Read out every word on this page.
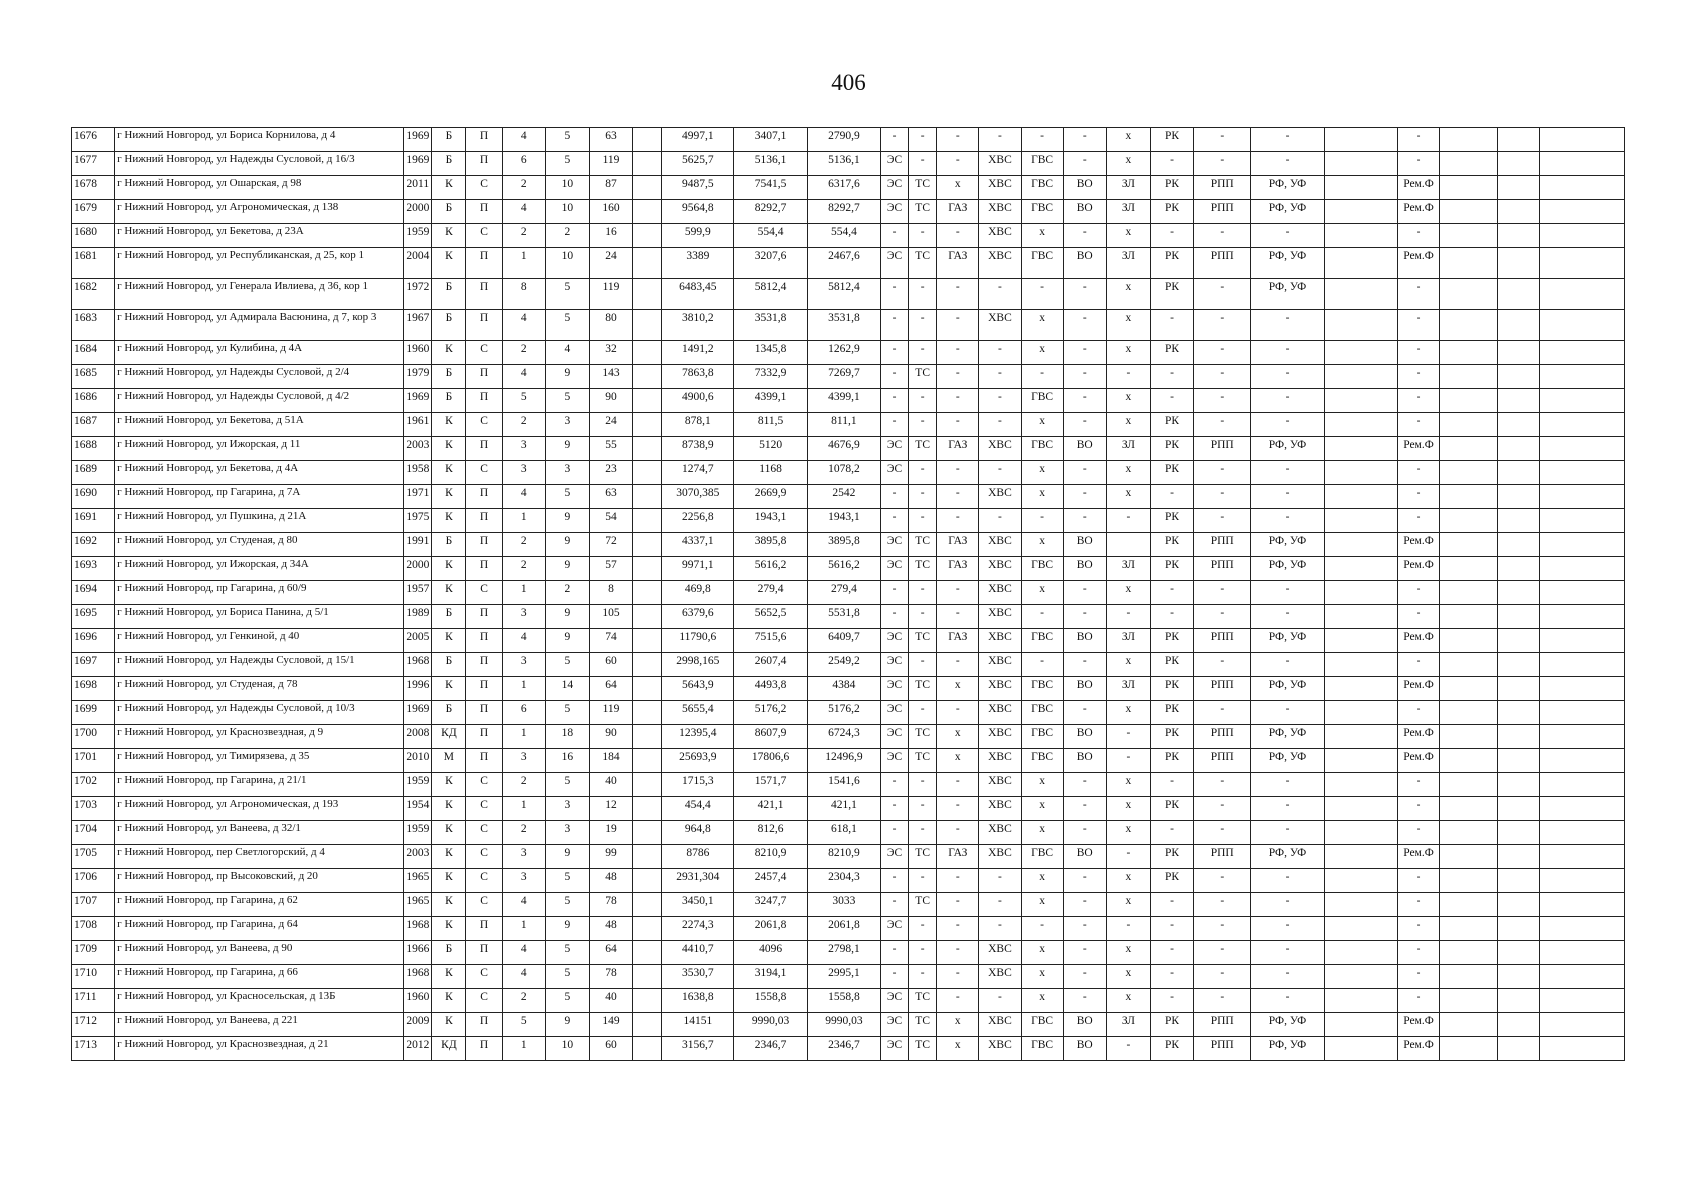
406
1676	г Нижний Новгород, ул Бориса Корнилова, д 4	1969	Б	П	4	5	63		4997,1	3407,1	2790,9	-	-	-	-	-	-	х	РК	-	-		-			
1677	г Нижний Новгород, ул Надежды Сусловой, д 16/3	1969	Б	П	6	5	119		5625,7	5136,1	5136,1	ЭС	-	-	ХВС	ГВС	-	х	-	-	-		-			
1678	г Нижний Новгород, ул Ошарская, д 98	2011	К	С	2	10	87		9487,5	7541,5	6317,6	ЭС	ТС	х	ХВС	ГВС	ВО	ЗЛ	РК	РПП	РФ, УФ		Рем.Ф			
1679	г Нижний Новгород, ул Агрономическая, д 138	2000	Б	П	4	10	160		9564,8	8292,7	8292,7	ЭС	ТС	ГАЗ	ХВС	ГВС	ВО	ЗЛ	РК	РПП	РФ, УФ		Рем.Ф			
1680	г Нижний Новгород, ул Бекетова, д 23А	1959	К	С	2	2	16		599,9	554,4	554,4	-	-	-	ХВС	х	-	х	-	-	-		-			
1681	г Нижний Новгород, ул Республиканская, д 25, кор 1	2004	К	П	1	10	24		3389	3207,6	2467,6	ЭС	ТС	ГАЗ	ХВС	ГВС	ВО	ЗЛ	РК	РПП	РФ, УФ		Рем.Ф			
1682	г Нижний Новгород, ул Генерала Ивлиева, д 36, кор 1	1972	Б	П	8	5	119		6483,45	5812,4	5812,4	-	-	-	-	-	-	х	РК	-	РФ, УФ		-			
1683	г Нижний Новгород, ул Адмирала Васюнина, д 7, кор 3	1967	Б	П	4	5	80		3810,2	3531,8	3531,8	-	-	-	ХВС	х	-	х	-	-	-		-			
1684	г Нижний Новгород, ул Кулибина, д 4А	1960	К	С	2	4	32		1491,2	1345,8	1262,9	-	-	-	-	х	-	х	РК	-	-		-			
1685	г Нижний Новгород, ул Надежды Сусловой, д 2/4	1979	Б	П	4	9	143		7863,8	7332,9	7269,7	-	ТС	-	-	-	-	-	-	-	-		-			
1686	г Нижний Новгород, ул Надежды Сусловой, д 4/2	1969	Б	П	5	5	90		4900,6	4399,1	4399,1	-	-	-	-	ГВС	-	х	-	-	-		-			
1687	г Нижний Новгород, ул Бекетова, д 51А	1961	К	С	2	3	24		878,1	811,5	811,1	-	-	-	-	х	-	х	РК	-	-		-			
1688	г Нижний Новгород, ул Ижорская, д 11	2003	К	П	3	9	55		8738,9	5120	4676,9	ЭС	ТС	ГАЗ	ХВС	ГВС	ВО	ЗЛ	РК	РПП	РФ, УФ		Рем.Ф			
1689	г Нижний Новгород, ул Бекетова, д 4А	1958	К	С	3	3	23		1274,7	1168	1078,2	ЭС	-	-	-	х	-	х	РК	-	-		-			
1690	г Нижний Новгород, пр Гагарина, д 7А	1971	К	П	4	5	63		3070,385	2669,9	2542	-	-	-	ХВС	х	-	х	-	-	-		-			
1691	г Нижний Новгород, ул Пушкина, д 21А	1975	К	П	1	9	54		2256,8	1943,1	1943,1	-	-	-	-	-	-	-	РК	-	-		-			
1692	г Нижний Новгород, ул Студеная, д 80	1991	Б	П	2	9	72		4337,1	3895,8	3895,8	ЭС	ТС	ГАЗ	ХВС	х	ВО		РК	РПП	РФ, УФ		Рем.Ф			
1693	г Нижний Новгород, ул Ижорская, д 34А	2000	К	П	2	9	57		9971,1	5616,2	5616,2	ЭС	ТС	ГАЗ	ХВС	ГВС	ВО	ЗЛ	РК	РПП	РФ, УФ		Рем.Ф			
1694	г Нижний Новгород, пр Гагарина, д 60/9	1957	К	С	1	2	8		469,8	279,4	279,4	-	-	-	ХВС	х	-	х	-	-	-		-			
1695	г Нижний Новгород, ул Бориса Панина, д 5/1	1989	Б	П	3	9	105		6379,6	5652,5	5531,8	-	-	-	ХВС	-	-	-	-	-	-		-			
1696	г Нижний Новгород, ул Генкиной, д 40	2005	К	П	4	9	74		11790,6	7515,6	6409,7	ЭС	ТС	ГАЗ	ХВС	ГВС	ВО	ЗЛ	РК	РПП	РФ, УФ		Рем.Ф			
1697	г Нижний Новгород, ул Надежды Сусловой, д 15/1	1968	Б	П	3	5	60		2998,165	2607,4	2549,2	ЭС	-	-	ХВС	-	-	х	РК	-	-		-			
1698	г Нижний Новгород, ул Студеная, д 78	1996	К	П	1	14	64		5643,9	4493,8	4384	ЭС	ТС	х	ХВС	ГВС	ВО	ЗЛ	РК	РПП	РФ, УФ		Рем.Ф			
1699	г Нижний Новгород, ул Надежды Сусловой, д 10/3	1969	Б	П	6	5	119		5655,4	5176,2	5176,2	ЭС	-	-	ХВС	ГВС	-	х	РК	-	-		-			
1700	г Нижний Новгород, ул Краснозвездная, д 9	2008	КД	П	1	18	90		12395,4	8607,9	6724,3	ЭС	ТС	х	ХВС	ГВС	ВО	-	РК	РПП	РФ, УФ		Рем.Ф			
1701	г Нижний Новгород, ул Тимирязева, д 35	2010	М	П	3	16	184		25693,9	17806,6	12496,9	ЭС	ТС	х	ХВС	ГВС	ВО	-	РК	РПП	РФ, УФ		Рем.Ф			
1702	г Нижний Новгород, пр Гагарина, д 21/1	1959	К	С	2	5	40		1715,3	1571,7	1541,6	-	-	-	ХВС	х	-	х	-	-	-		-			
1703	г Нижний Новгород, ул Агрономическая, д 193	1954	К	С	1	3	12		454,4	421,1	421,1	-	-	-	ХВС	х	-	х	РК	-	-		-			
1704	г Нижний Новгород, ул Ванеева, д 32/1	1959	К	С	2	3	19		964,8	812,6	618,1	-	-	-	ХВС	х	-	х	-	-	-		-			
1705	г Нижний Новгород, пер Светлогорский, д 4	2003	К	С	3	9	99		8786	8210,9	8210,9	ЭС	ТС	ГАЗ	ХВС	ГВС	ВО	-	РК	РПП	РФ, УФ		Рем.Ф			
1706	г Нижний Новгород, пр Высоковский, д 20	1965	К	С	3	5	48		2931,304	2457,4	2304,3	-	-	-	-	х	-	х	РК	-	-		-			
1707	г Нижний Новгород, пр Гагарина, д 62	1965	К	С	4	5	78		3450,1	3247,7	3033	-	ТС	-	-	х	-	х	-	-	-		-			
1708	г Нижний Новгород, пр Гагарина, д 64	1968	К	П	1	9	48		2274,3	2061,8	2061,8	ЭС	-	-	-	-	-	-	-	-	-		-			
1709	г Нижний Новгород, ул Ванеева, д 90	1966	Б	П	4	5	64		4410,7	4096	2798,1	-	-	-	ХВС	х	-	х	-	-	-		-			
1710	г Нижний Новгород, пр Гагарина, д 66	1968	К	С	4	5	78		3530,7	3194,1	2995,1	-	-	-	ХВС	х	-	х	-	-	-		-			
1711	г Нижний Новгород, ул Красносельская, д 13Б	1960	К	С	2	5	40		1638,8	1558,8	1558,8	ЭС	ТС	-	-	х	-	х	-	-	-		-			
1712	г Нижний Новгород, ул Ванеева, д 221	2009	К	П	5	9	149		14151	9990,03	9990,03	ЭС	ТС	х	ХВС	ГВС	ВО	ЗЛ	РК	РПП	РФ, УФ		Рем.Ф			
1713	г Нижний Новгород, ул Краснозвездная, д 21	2012	КД	П	1	10	60		3156,7	2346,7	2346,7	ЭС	ТС	х	ХВС	ГВС	ВО	-	РК	РПП	РФ, УФ		Рем.Ф			
